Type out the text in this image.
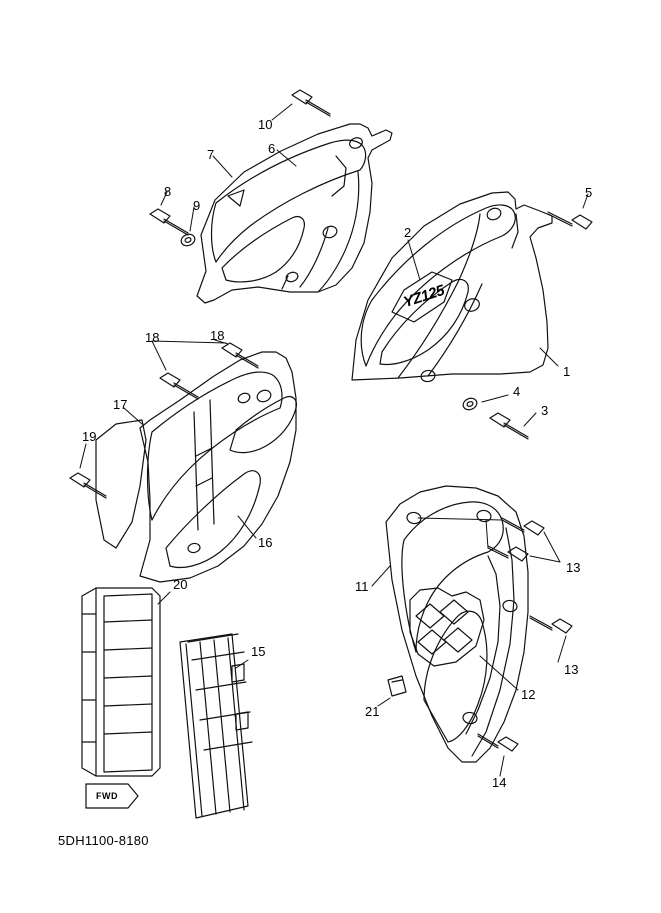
YZ125
FWD
5DH1100-8180
10
7	6
5
8
9
2
1
18	18
4
3
17
19
16
13
11
20
15
13
12
21
14
